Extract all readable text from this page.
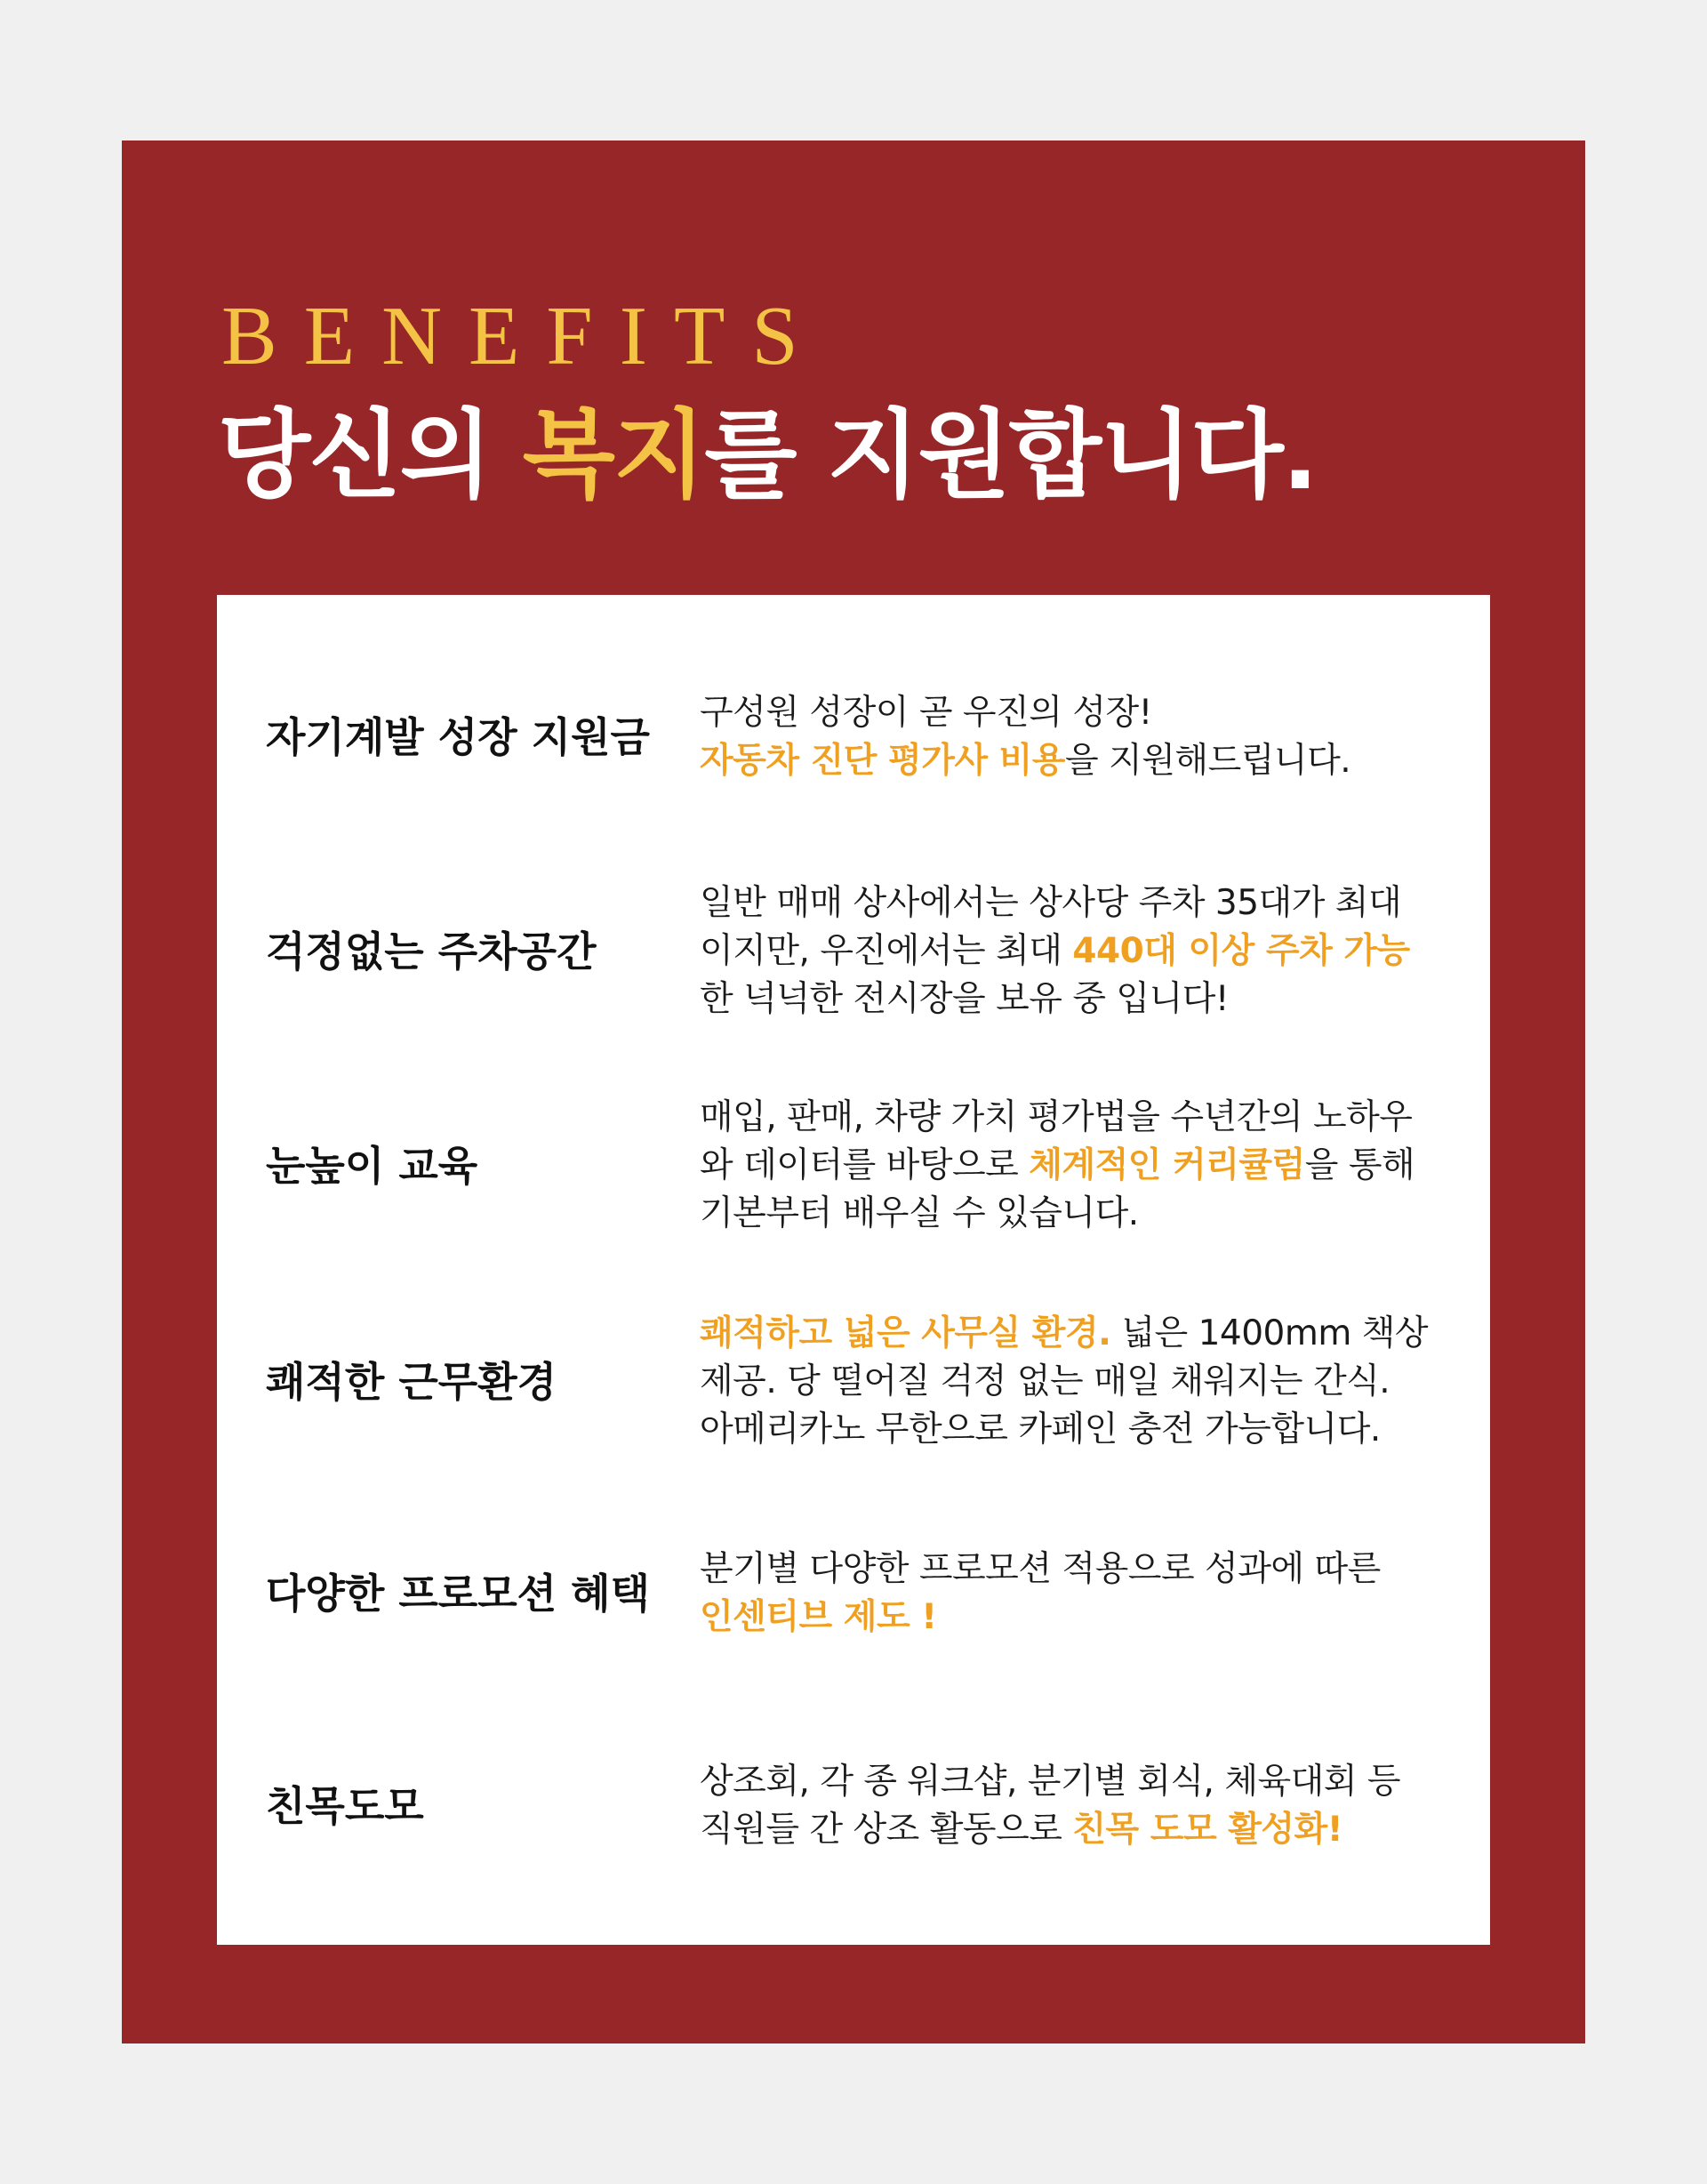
BENEFITS
당신의 복지를 지원합니다.
자기계발 성장 지원금

구성원 성장이 곧 우진의 성장!
자동차 진단 평가사 비용을 지원해드립니다.

걱정없는 주차공간

일반 매매 상사에서는 상사당 주차 35대가 최대
이지만, 우진에서는 최대 440대 이상 주차 가능
한 넉넉한 전시장을 보유 중 입니다!

눈높이 교육

매입, 판매, 차량 가치 평가법을 수년간의 노하우
와 데이터를 바탕으로 체계적인 커리큘럼을 통해
기본부터 배우실 수 있습니다.

쾌적한 근무환경

쾌적하고 넓은 사무실 환경. 넓은 1400mm 책상
제공. 당 떨어질 걱정 없는 매일 채워지는 간식.
아메리카노 무한으로 카페인 충전 가능합니다.

다양한 프로모션 혜택

분기별 다양한 프로모션 적용으로 성과에 따른
인센티브 제도 !

친목도모

상조회, 각 종 워크샵, 분기별 회식, 체육대회 등
직원들 간 상조 활동으로 친목 도모 활성화!
